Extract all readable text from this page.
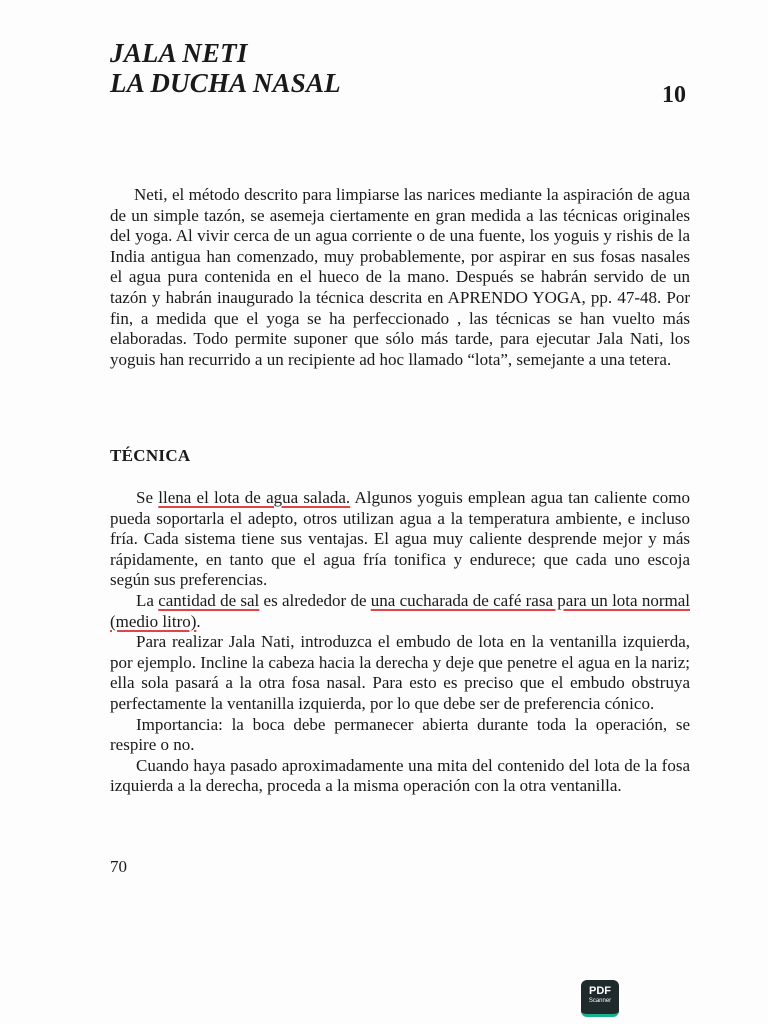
JALA NETI
LA DUCHA NASAL	10

Neti, el método descrito para limpiarse las narices mediante la aspiración de agua de un simple tazón, se asemeja ciertamente en gran medida a las técnicas originales del yoga. Al vivir cerca de un agua corriente o de una fuente, los yoguis y rishis de la India antigua han comenzado, muy probablemente, por aspirar en sus fosas nasales el agua pura contenida en el hueco de la mano. Después se habrán servido de un tazón y habrán inaugurado la técnica descrita en APRENDO YOGA, pp. 47-48. Por fin, a medida que el yoga se ha perfeccionado , las técnicas se han vuelto más elaboradas. Todo permite suponer que sólo más tarde, para ejecutar Jala Nati, los yoguis han recurrido a un recipiente ad hoc llamado “lota”, semejante a una tetera.

TÉCNICA

Se llena el lota de agua salada. Algunos yoguis emplean agua tan caliente como pueda soportarla el adepto, otros utilizan agua a la temperatura ambiente, e incluso fría. Cada sistema tiene sus ventajas. El agua muy caliente desprende mejor y más rápidamente, en tanto que el agua fría tonifica y endurece; que cada uno escoja según sus preferencias.

La cantidad de sal es alrededor de una cucharada de café rasa para un lota normal (medio litro).

Para realizar Jala Nati, introduzca el embudo de lota en la ventanilla izquierda, por ejemplo. Incline la cabeza hacia la derecha y deje que penetre el agua en la nariz; ella sola pasará a la otra fosa nasal. Para esto es preciso que el embudo obstruya perfectamente la ventanilla izquierda, por lo que debe ser de preferencia cónico.

Importancia: la boca debe permanecer abierta durante toda la operación, se respire o no.

Cuando haya pasado aproximadamente una mita del contenido del lota de la fosa izquierda a la derecha, proceda a la misma operación con la otra ventanilla.

70
PDF
Scanner
